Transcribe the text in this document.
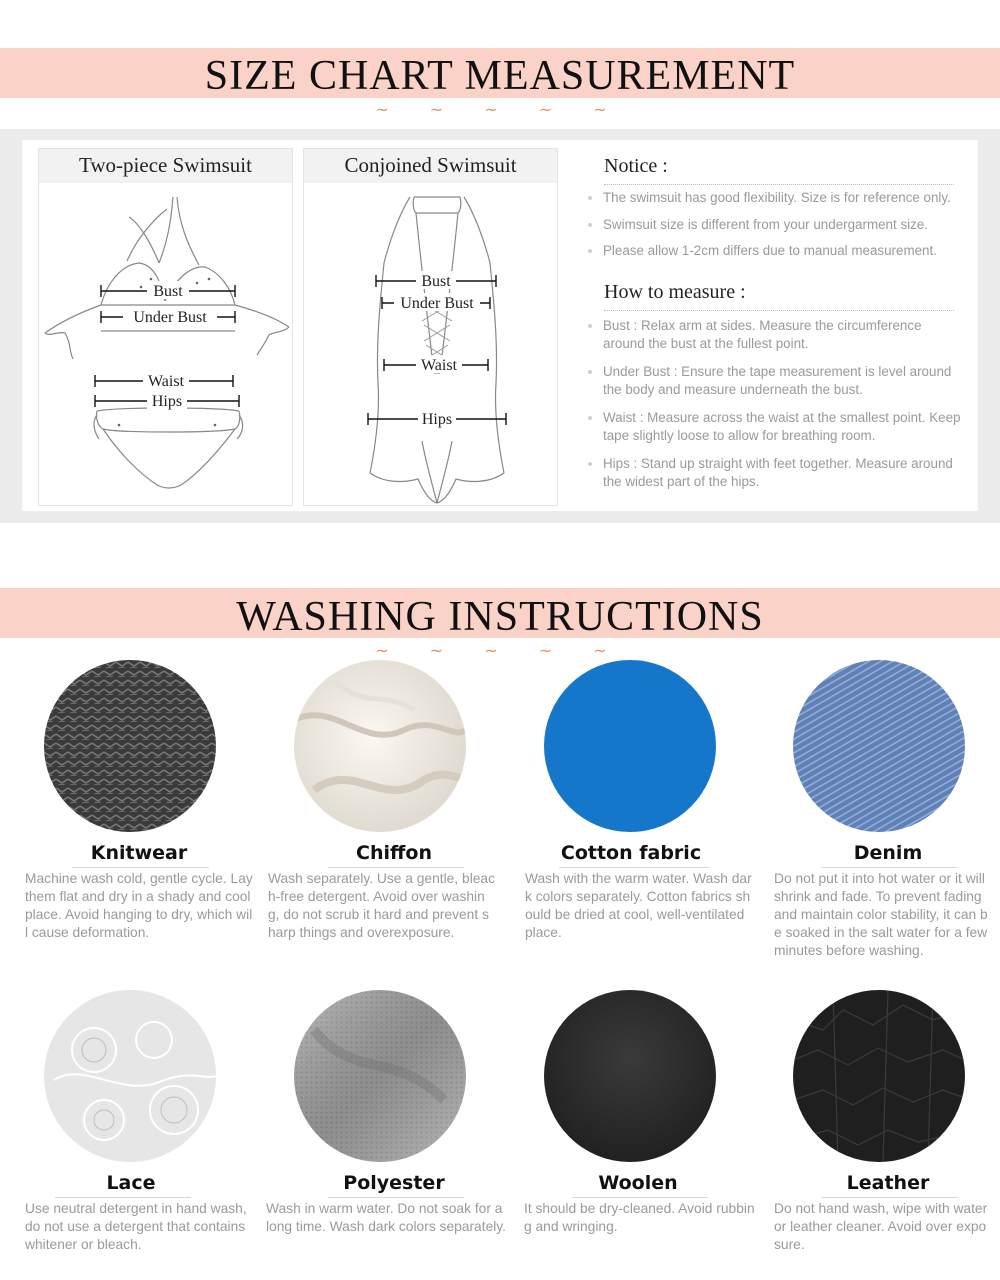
SIZE CHART MEASUREMENT
~ ~ ~ ~ ~
Two-piece Swimsuit
Bust
Under Bust
Waist
Hips
Conjoined Swimsuit
Bust
Under Bust
Waist
Hips
Notice :
The swimsuit has good flexibility. Size is for reference only.
Swimsuit size is different from your undergarment size.
Please allow 1-2cm differs due to manual measurement.
How to measure :
Bust : Relax arm at sides. Measure the circumference around the bust at the fullest point.
Under Bust : Ensure the tape measurement is level around the body and measure underneath the bust.
Waist : Measure across the waist at the smallest point. Keep tape slightly loose to allow for breathing room.
Hips : Stand up straight with feet together. Measure around the widest part of the hips.
WASHING INSTRUCTIONS
~ ~ ~ ~ ~
Knitwear
Machine wash cold, gentle cycle. Lay them flat and dry in a shady and cool place. Avoid hanging to dry, which will cause deformation.
Chiffon
Wash separately. Use a gentle, bleach-free detergent. Avoid over washing, do not scrub it hard and prevent sharp things and overexposure.
Cotton fabric
Wash with the warm water. Wash dark colors separately. Cotton fabrics should be dried at cool, well-ventilated place.
Denim
Do not put it into hot water or it will shrink and fade. To prevent fading and maintain color stability, it can be soaked in the salt water for a few minutes before washing.
Lace
Use neutral detergent in hand wash, do not use a detergent that contains whitener or bleach.
Polyester
Wash in warm water. Do not soak for a long time. Wash dark colors separately.
Woolen
It should be dry-cleaned. Avoid rubbing and wringing.
Leather
Do not hand wash, wipe with water or leather cleaner. Avoid over exposure.
